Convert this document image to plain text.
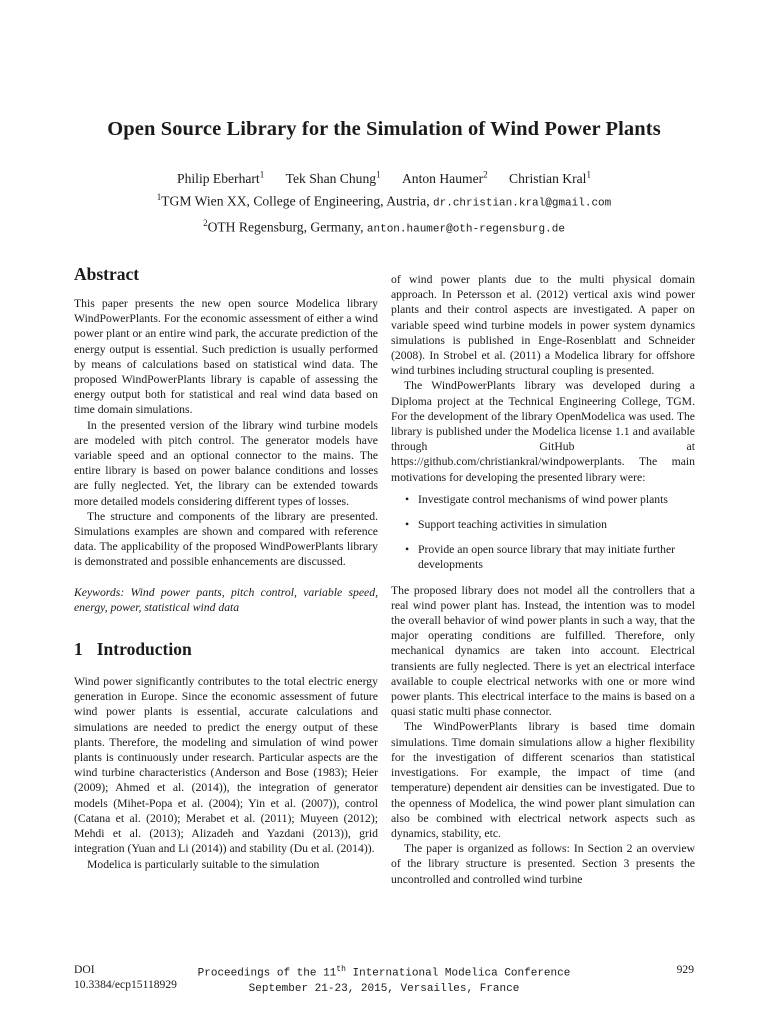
Open Source Library for the Simulation of Wind Power Plants
Philip Eberhart$^1$ Tek Shan Chung$^1$ Anton Haumer$^2$ Christian Kral$^1$
$^1$TGM Wien XX, College of Engineering, Austria, dr.christian.kral@gmail.com
$^2$OTH Regensburg, Germany, anton.haumer@oth-regensburg.de
Abstract

This paper presents the new open source Modelica library WindPowerPlants. For the economic assessment of either a wind power plant or an entire wind park, the accurate prediction of the energy output is essential. Such prediction is usually performed by means of calculations based on statistical wind data. The proposed WindPowerPlants library is capable of assessing the energy output both for statistical and real wind data based on time domain simulations.

In the presented version of the library wind turbine models are modeled with pitch control. The generator models have variable speed and an optional connector to the mains. The entire library is based on power balance conditions and losses are fully neglected. Yet, the library can be extended towards more detailed models considering different types of losses.

The structure and components of the library are presented. Simulations examples are shown and compared with reference data. The applicability of the proposed WindPowerPlants library is demonstrated and possible enhancements are discussed.

Keywords: Wind power pants, pitch control, variable speed, energy, power, statistical wind data

1 Introduction

Wind power significantly contributes to the total electric energy generation in Europe. Since the economic assessment of future wind power plants is essential, accurate calculations and simulations are needed to predict the energy output of these plants. Therefore, the modeling and simulation of wind power plants is continuously under research. Particular aspects are the wind turbine characteristics (Anderson and Bose (1983); Heier (2009); Ahmed et al. (2014)), the integration of generator models (Mihet-Popa et al. (2004); Yin et al. (2007)), control (Catana et al. (2010); Merabet et al. (2011); Muyeen (2012); Mehdi et al. (2013); Alizadeh and Yazdani (2013)), grid integration (Yuan and Li (2014)) and stability (Du et al. (2014)).

Modelica is particularly suitable to the simulation

of wind power plants due to the multi physical domain approach. In Petersson et al. (2012) vertical axis wind power plants and their control aspects are investigated. A paper on variable speed wind turbine models in power system dynamics simulations is published in Enge-Rosenblatt and Schneider (2008). In Strobel et al. (2011) a Modelica library for offshore wind turbines including structural coupling is presented.

The WindPowerPlants library was developed during a Diploma project at the Technical Engineering College, TGM. For the development of the library OpenModelica was used. The library is published under the Modelica license 1.1 and available through GitHub at https://github.com/christiankral/windpowerplants. The main motivations for developing the presented library were:

• Investigate control mechanisms of wind power plants
• Support teaching activities in simulation
• Provide an open source library that may initiate further developments

The proposed library does not model all the controllers that a real wind power plant has. Instead, the intention was to model the overall behavior of wind power plants in such a way, that the major operating conditions are fulfilled. Therefore, only mechanical dynamics are taken into account. Electrical transients are fully neglected. There is yet an electrical interface available to couple electrical networks with one or more wind power plants. This electrical interface to the mains is based on a quasi static multi phase connector.

The WindPowerPlants library is based time domain simulations. Time domain simulations allow a higher flexibility for the investigation of different scenarios than statistical investigations. For example, the impact of time (and temperature) dependent air densities can be investigated. Due to the openness of Modelica, the wind power plant simulation can also be combined with electrical network aspects such as dynamics, stability, etc.

The paper is organized as follows: In Section 2 an overview of the library structure is presented. Section 3 presents the uncontrolled and controlled wind turbine

DOI
10.3384/ecp15118929
Proceedings of the 11th International Modelica Conference
September 21-23, 2015, Versailles, France
929
